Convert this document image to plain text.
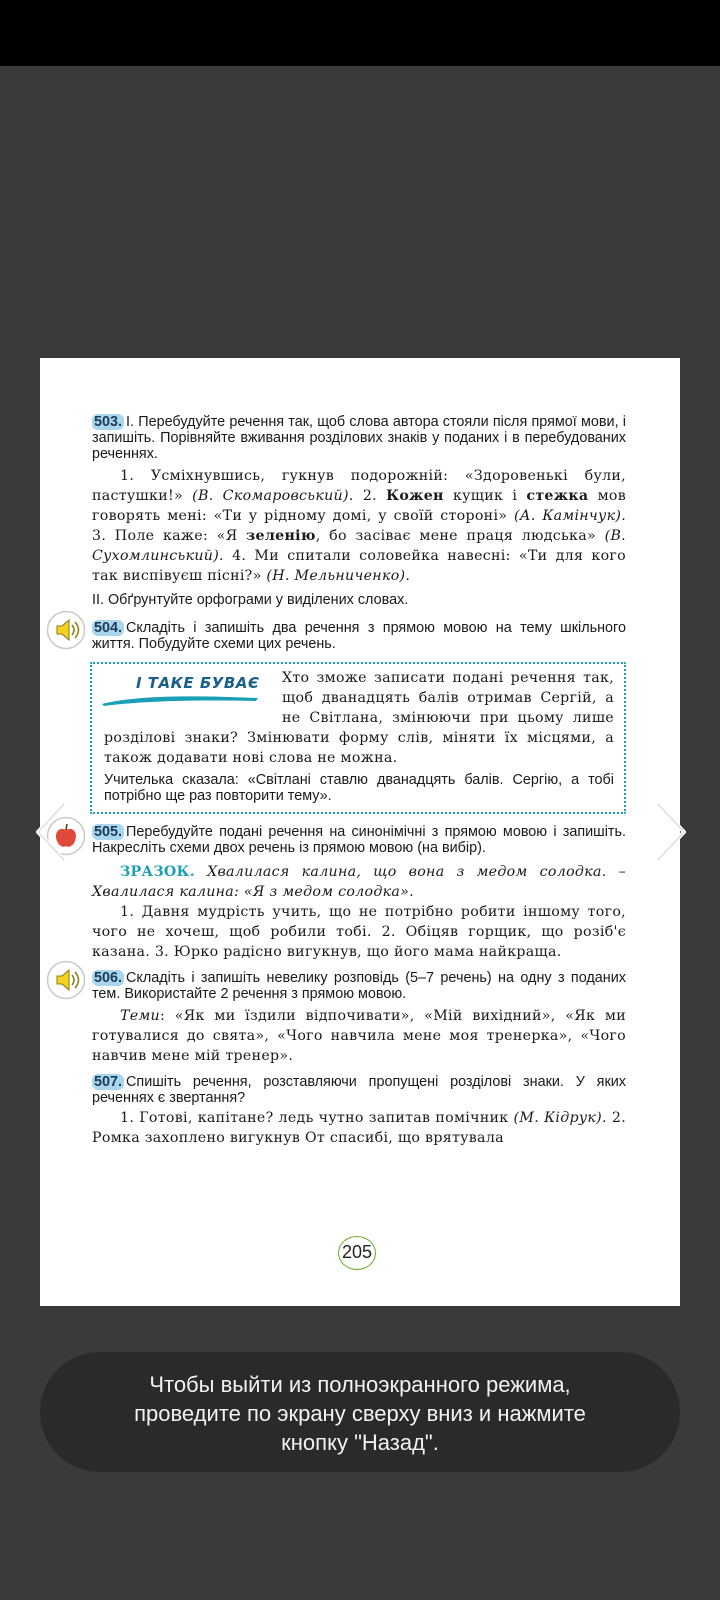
503. І. Перебудуйте речення так, щоб слова автора стояли після прямої мови, і запишіть. Порівняйте вживання розділових знаків у поданих і в перебудованих реченнях.

1. Усміхнувшись, гукнув подорожній: «Здоровенькі були, пастушки!» (В. Скомаровський). 2. Кожен кущик і стежка мов говорять мені: «Ти у рідному домі, у своїй стороні» (А. Камінчук). 3. Поле каже: «Я зеленію, бо засіває мене праця людська» (В. Сухомлинський). 4. Ми спитали соловейка навесні: «Ти для кого так виспівуєш пісні?» (Н. Мельниченко).

ІІ. Обґрунтуйте орфограми у виділених словах.

504. Складіть і запишіть два речення з прямою мовою на тему шкільного життя. Побудуйте схеми цих речень.

І ТАКЕ БУВАЄ	Хто зможе записати подані речення так, щоб дванадцять балів отримав Сергій, а не Світлана, змінюючи при цьому лише розділові знаки? Змінювати форму слів, міняти їх місцями, а також додавати нові слова не можна.

Учителька сказала: «Світлані ставлю дванадцять балів. Сергію, а тобі потрібно ще раз повторити тему».

505. Перебудуйте подані речення на синонімічні з прямою мовою і запишіть. Накресліть схеми двох речень із прямою мовою (на вибір).

ЗРАЗОК. Хвалилася калина, що вона з медом солодка. – Хвалилася калина: «Я з медом солодка».

1. Давня мудрість учить, що не потрібно робити іншому того, чого не хочеш, щоб робили тобі. 2. Обіцяв горщик, що розіб'є казана. 3. Юрко радісно вигукнув, що його мама найкраща.

506. Складіть і запишіть невелику розповідь (5–7 речень) на одну з поданих тем. Використайте 2 речення з прямою мовою.

Теми: «Як ми їздили відпочивати», «Мій вихідний», «Як ми готувалися до свята», «Чого навчила мене моя тренерка», «Чого навчив мене мій тренер».

507. Спишіть речення, розставляючи пропущені розділові знаки. У яких реченнях є звертання?

1. Готові, капітане? ледь чутно запитав помічник (М. Кідрук). 2. Ромка захоплено вигукнув От спасибі, що врятувала

205
Чтобы выйти из полноэкранного режима,
проведите по экрану сверху вниз и нажмите
кнопку "Назад".
